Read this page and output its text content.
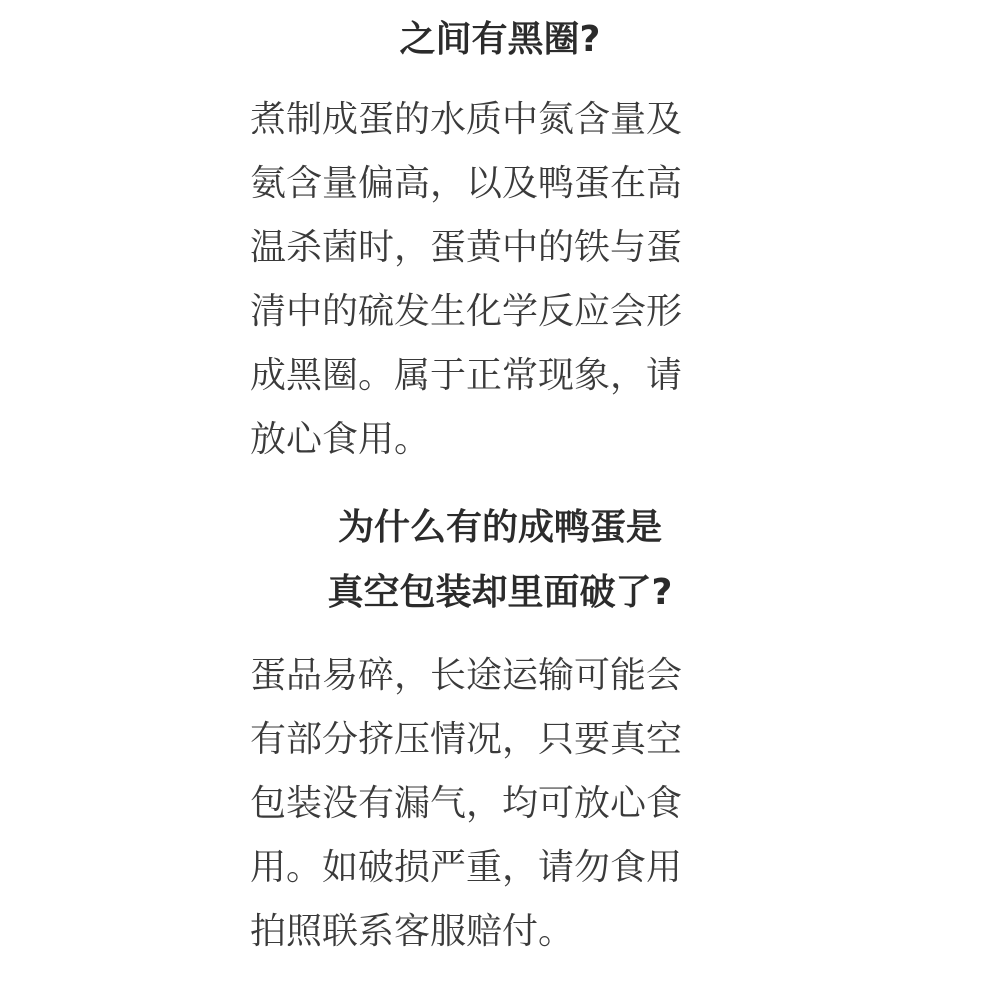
之间有黑圈?
煮制成蛋的水质中氮含量及
氨含量偏高，以及鸭蛋在高
温杀菌时，蛋黄中的铁与蛋
清中的硫发生化学反应会形
成黑圈。属于正常现象，请
放心食用。
为什么有的成鸭蛋是
真空包装却里面破了?
蛋品易碎，长途运输可能会
有部分挤压情况，只要真空
包装没有漏气，均可放心食
用。如破损严重，请勿食用
拍照联系客服赔付。
